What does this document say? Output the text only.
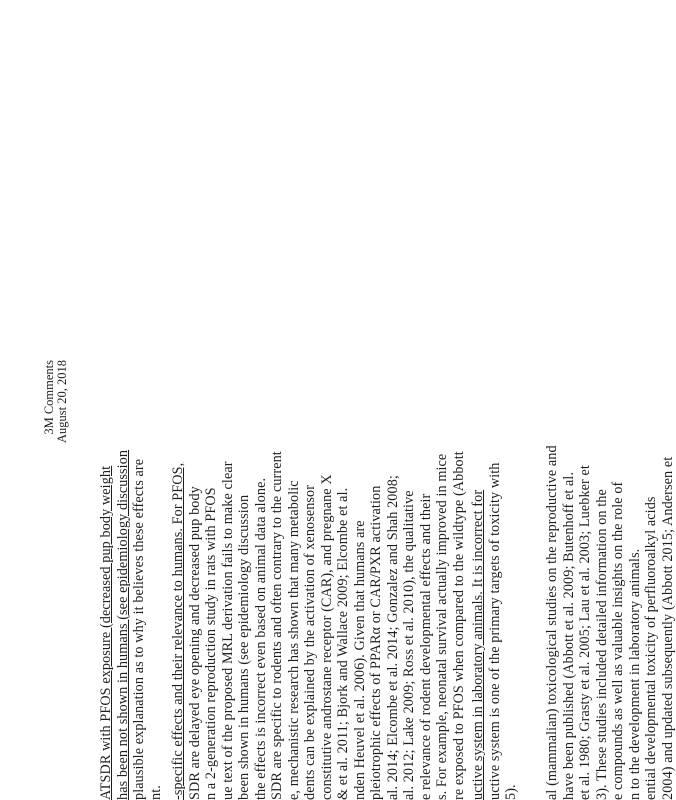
3M Comments August 20, 2018
ATSDR with PFOS exposure (decreased pup body weight has been not shown in humans (see epidemiology discussion plausible explanation as to why it believes these effects are nt. -specific effects and their relevance to humans. For PFOS, SDR are delayed eye opening and decreased pup body n a 2-generation reproduction study in rats with PFOS ue text of the proposed MRL derivation fails to make clear been shown in humans (see epidemiology discussion the effects is incorrect even based on animal data alone. SDR are specific to rodents and often contrary to the current e, mechanistic research has shown that many metabolic dents can be explained by the activation of xenosensor constitutive androstane receptor (CAR), and pregnane X & et al. 2011; Bjork and Wallace 2009; Elcombe et al. nden Heuvel et al. 2006). Given that humans are pleiotrophic effects of PPARα or CAR/PXR activation al. 2014; Elcombe et al. 2014; Gonzalez and Shah 2008; al. 2012; Lake 2009; Ross et al. 2010), the qualitative e relevance of rodent developmental effects and their s. For example, neonatal survival actually improved in mice re exposed to PFOS when compared to the wildtype (Abbott uctive system in laboratory animals. It is incorrect for uctive system is one of the primary targets of toxicity with 5). al (mammalian) toxicological studies on the reproductive and have been published (Abbott et al. 2009; Butenhoff et al. et al. 1980; Grasty et al. 2005; Lau et al. 2003; Luebker et 3). These studies included detailed information on the e compounds as well as valuable insights on the role of n to the development in laboratory animals. ential developmental toxicity of perfluoroalkyl acids 2004) and updated subsequently (Abbott 2015; Andersen et
